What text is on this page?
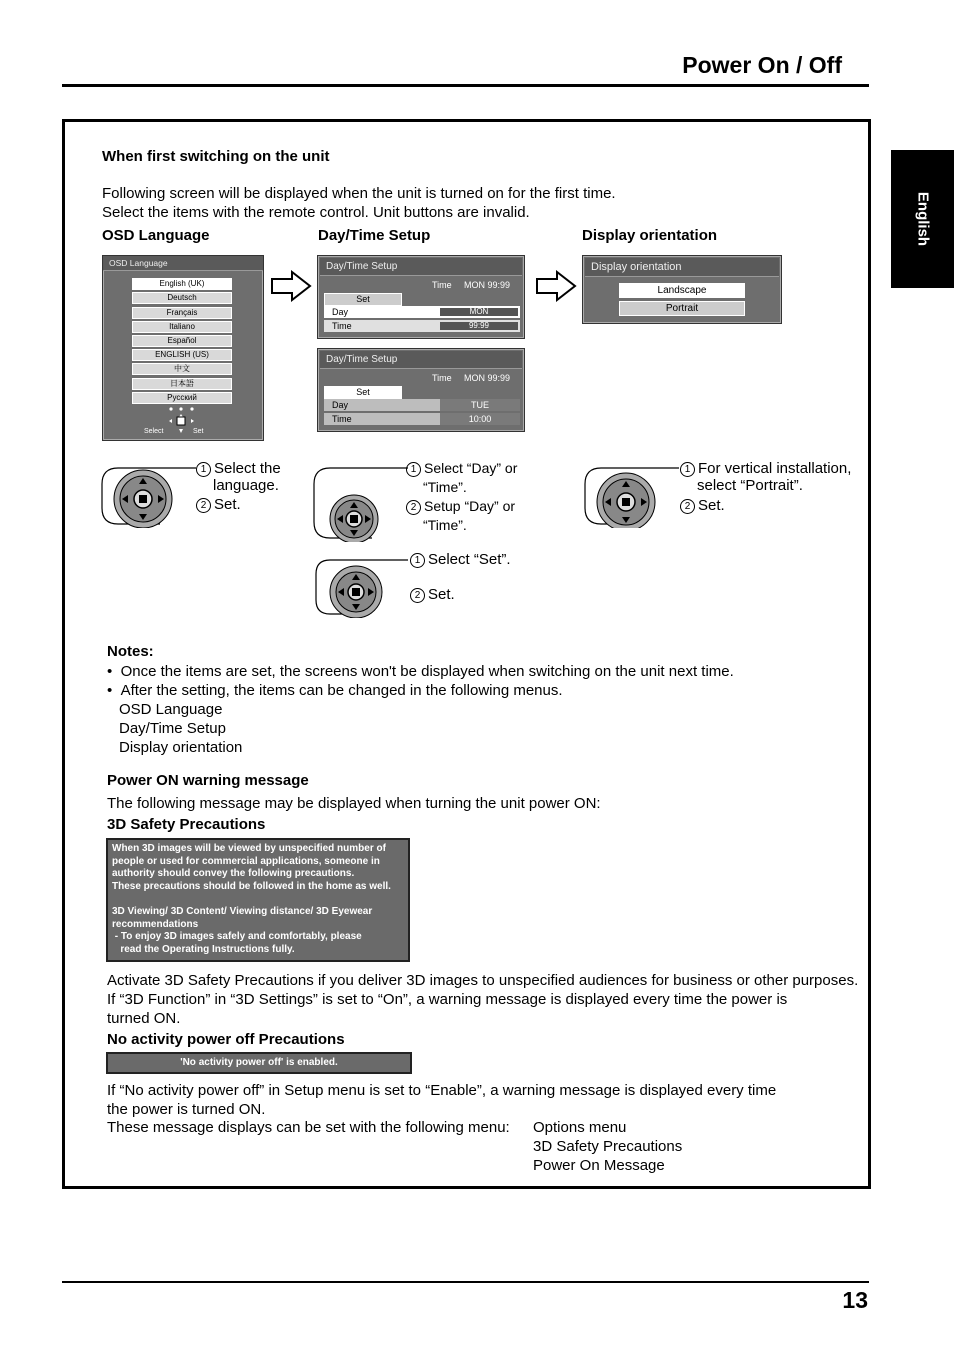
Power On / Off
English
When first switching on the unit
Following screen will be displayed when the unit is turned on for the first time.
Select the items with the remote control. Unit buttons are invalid.
OSD Language	Day/Time Setup	Display orientation
OSD Language
English (UK)
Deutsch
Français
Italiano
Español
ENGLISH (US)
中文
日本語
Русский
Select	Set
Day/Time Setup
Time MON 99:99
Set
Day	MON
Time	99:99
Day/Time Setup
Time MON 99:99
Set
Day	TUE
Time	10:00
Display orientation
Landscape
Portrait
1 Select the
language.
2 Set.
1 Select “Day” or
“Time”.
2 Setup “Day” or
“Time”.
1 Select “Set”.
2 Set.
1 For vertical installation,
select “Portrait”.
2 Set.
Notes:
•  Once the items are set, the screens won't be displayed when switching on the unit next time.
•  After the setting, the items can be changed in the following menus.
OSD Language
Day/Time Setup
Display orientation
Power ON warning message
The following message may be displayed when turning the unit power ON:
3D Safety Precautions
When 3D images will be viewed by unspecified number of
people or used for commercial applications, someone in
authority should convey the following precautions.
These precautions should be followed in the home as well.
3D Viewing/ 3D Content/ Viewing distance/ 3D Eyewear
recommendations
- To enjoy 3D images safely and comfortably, please
read the Operating Instructions fully.
Activate 3D Safety Precautions if you deliver 3D images to unspecified audiences for business or other purposes.
If “3D Function” in “3D Settings” is set to “On”, a warning message is displayed every time the power is
turned ON.
No activity power off Precautions
'No activity power off' is enabled.
If “No activity power off” in Setup menu is set to “Enable”, a warning message is displayed every time
the power is turned ON.
These message displays can be set with the following menu: Options menu
3D Safety Precautions
Power On Message
13
